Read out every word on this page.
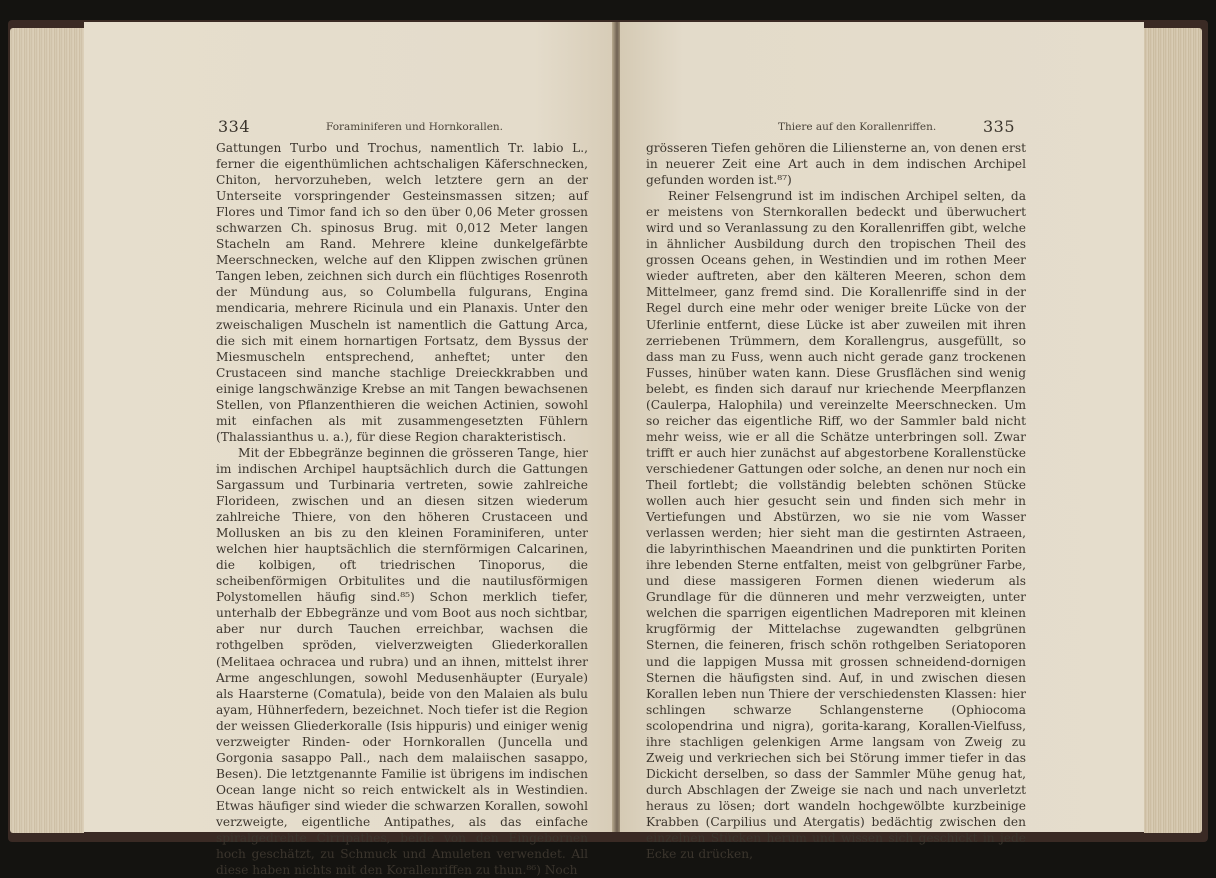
334	Foraminiferen und Hornkorallen.

Gattungen Turbo und Trochus, namentlich Tr. labio L., ferner die eigenthümlichen achtschaligen Käferschnecken, Chiton, hervorzuheben, welch letztere gern an der Unterseite vorspringender Gesteinsmassen sitzen; auf Flores und Timor fand ich so den über 0,06 Meter grossen schwarzen Ch. spinosus Brug. mit 0,012 Meter langen Stacheln am Rand. Mehrere kleine dunkelgefärbte Meerschnecken, welche auf den Klippen zwischen grünen Tangen leben, zeichnen sich durch ein flüchtiges Rosenroth der Mündung aus, so Columbella fulgurans, Engina mendicaria, mehrere Ricinula und ein Planaxis. Unter den zweischaligen Muscheln ist namentlich die Gattung Arca, die sich mit einem hornartigen Fortsatz, dem Byssus der Miesmuscheln entsprechend, anheftet; unter den Crustaceen sind manche stachlige Dreieckkrabben und einige langschwänzige Krebse an mit Tangen bewachsenen Stellen, von Pflanzenthieren die weichen Actinien, sowohl mit einfachen als mit zusammengesetzten Fühlern (Thalassianthus u. a.), für diese Region charakteristisch.

Mit der Ebbegränze beginnen die grösseren Tange, hier im indischen Archipel hauptsächlich durch die Gattungen Sargassum und Turbinaria vertreten, sowie zahlreiche Florideen, zwischen und an diesen sitzen wiederum zahlreiche Thiere, von den höheren Crustaceen und Mollusken an bis zu den kleinen Foraminiferen, unter welchen hier hauptsächlich die sternförmigen Calcarinen, die kolbigen, oft triedrischen Tinoporus, die scheibenförmigen Orbitulites und die nautilusförmigen Polystomellen häufig sind.⁸⁵) Schon merklich tiefer, unterhalb der Ebbegränze und vom Boot aus noch sichtbar, aber nur durch Tauchen erreichbar, wachsen die rothgelben spröden, vielverzweigten Gliederkorallen (Melitaea ochracea und rubra) und an ihnen, mittelst ihrer Arme angeschlungen, sowohl Medusenhäupter (Euryale) als Haarsterne (Comatula), beide von den Malaien als bulu ayam, Hühnerfedern, bezeichnet. Noch tiefer ist die Region der weissen Gliederkoralle (Isis hippuris) und einiger wenig verzweigter Rinden- oder Hornkorallen (Juncella und Gorgonia sasappo Pall., nach dem malaiischen sasappo, Besen). Die letztgenannte Familie ist übrigens im indischen Ocean lange nicht so reich entwickelt als in Westindien. Etwas häufiger sind wieder die schwarzen Korallen, sowohl verzweigte, eigentliche Antipathes, als das einfache spiralgedrehte Cirripathes, beide von den Eingebornen hoch geschätzt, zu Schmuck und Amuleten verwendet. All diese haben nichts mit den Korallenriffen zu thun.⁸⁶) Noch

Thiere auf den Korallenriffen.	335

grösseren Tiefen gehören die Liliensterne an, von denen erst in neuerer Zeit eine Art auch in dem indischen Archipel gefunden worden ist.⁸⁷)

Reiner Felsengrund ist im indischen Archipel selten, da er meistens von Sternkorallen bedeckt und überwuchert wird und so Veranlassung zu den Korallenriffen gibt, welche in ähnlicher Ausbildung durch den tropischen Theil des grossen Oceans gehen, in Westindien und im rothen Meer wieder auftreten, aber den kälteren Meeren, schon dem Mittelmeer, ganz fremd sind. Die Korallenriffe sind in der Regel durch eine mehr oder weniger breite Lücke von der Uferlinie entfernt, diese Lücke ist aber zuweilen mit ihren zerriebenen Trümmern, dem Korallengrus, ausgefüllt, so dass man zu Fuss, wenn auch nicht gerade ganz trockenen Fusses, hinüber waten kann. Diese Grusflächen sind wenig belebt, es finden sich darauf nur kriechende Meerpflanzen (Caulerpa, Halophila) und vereinzelte Meerschnecken. Um so reicher das eigentliche Riff, wo der Sammler bald nicht mehr weiss, wie er all die Schätze unterbringen soll. Zwar trifft er auch hier zunächst auf abgestorbene Korallenstücke verschiedener Gattungen oder solche, an denen nur noch ein Theil fortlebt; die vollständig belebten schönen Stücke wollen auch hier gesucht sein und finden sich mehr in Vertiefungen und Abstürzen, wo sie nie vom Wasser verlassen werden; hier sieht man die gestirnten Astraeen, die labyrinthischen Maeandrinen und die punktirten Poriten ihre lebenden Sterne entfalten, meist von gelbgrüner Farbe, und diese massigeren Formen dienen wiederum als Grundlage für die dünneren und mehr verzweigten, unter welchen die sparrigen eigentlichen Madreporen mit kleinen krugförmig der Mittelachse zugewandten gelbgrünen Sternen, die feineren, frisch schön rothgelben Seriatoporen und die lappigen Mussa mit grossen schneidend-dornigen Sternen die häufigsten sind. Auf, in und zwischen diesen Korallen leben nun Thiere der verschiedensten Klassen: hier schlingen schwarze Schlangensterne (Ophiocoma scolopendrina und nigra), gorita-karang, Korallen-Vielfuss, ihre stachligen gelenkigen Arme langsam von Zweig zu Zweig und verkriechen sich bei Störung immer tiefer in das Dickicht derselben, so dass der Sammler Mühe genug hat, durch Abschlagen der Zweige sie nach und nach unverletzt heraus zu lösen; dort wandeln hochgewölbte kurzbeinige Krabben (Carpilius und Atergatis) bedächtig zwischen den einzelnen Stücken herum und wissen sich geschickt in jede Ecke zu drücken,
